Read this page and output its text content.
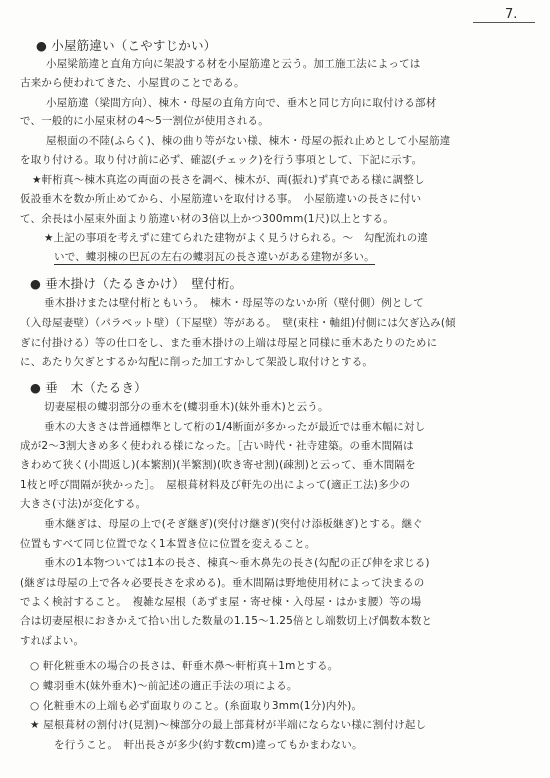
7.
● 小屋筋違い（こやすじかい）
小屋梁筋違と直角方向に架設する材を小屋筋違と云う。加工施工法によっては
古来から使われてきた、小屋貫のことである。
小屋筋違（梁間方向）、棟木・母屋の直角方向で、垂木と同じ方向に取付ける部材
で、一般的に小屋束材の4〜5一割位が使用される。
屋根面の不陸(ふらく)、棟の曲り等がない様、棟木・母屋の振れ止めとして小屋筋違
を取り付ける。取り付け前に必ず、確認(チェック)を行う事項として、下記に示す。
★軒桁真〜棟木真迄の両面の長さを調べ、棟木が、両(振れ)ず真である様に調整し
仮設垂木を数か所止めてから、小屋筋違いを取付ける事。　小屋筋違いの長さに付い
て、余長は小屋束外面より筋違い材の3倍以上かつ300mm(1尺)以上とする。
★上記の事項を考えずに建てられた建物がよく見うけられる。〜　勾配流れの違
いで、螻羽棟の巴瓦の左右の螻羽瓦の長さ違いがある建物が多い。
● 垂木掛け（たるきかけ）　壁付桁。
垂木掛けまたは壁付桁ともいう。　棟木・母屋等のないか所（壁付側）例として
（入母屋妻壁）（パラペット壁）（下屋壁）等がある。　壁(束柱・軸組)付側には欠ぎ込み(傾
ぎに付掛ける）等の仕口をし、また垂木掛けの上端は母屋と同様に垂木あたりのために
に、あたり欠ぎとするか勾配に削った加工すかして架設し取付けとする。
● 垂　木（たるき）
切妻屋根の螻羽部分の垂木を(螻羽垂木)(妹外垂木)と云う。
垂木の大きさは普通標準として桁の1/4断面が多かったが最近では垂木幅に対し
成が2〜3割大きめ多く使われる様になった。［古い時代・社寺建築。の垂木間隔は
きわめて狭く(小間返し)(本繁割)(半繁割)(吹き寄せ割)(疎割)と云って、垂木間隔を
1枝と呼び間隔が狭かった］。　屋根葺材料及び軒先の出によって(適正工法)多少の
大きさ(寸法)が変化する。
垂木継ぎは、母屋の上で(そぎ継ぎ)(突付け継ぎ)(突付け添板継ぎ)とする。継ぐ
位置もすべて同じ位置でなく1本置き位に位置を変えること。
垂木の1本物ついては1本の長さ、棟真〜垂木鼻先の長さ(勾配の正び伸を求じる)
(継ぎは母屋の上で各々必要長さを求める)。垂木間隔は野地使用材によって決まるの
でよく検討すること。　複雑な屋根（あずま屋・寄せ棟・入母屋・はかま腰）等の場
合は切妻屋根におきかえて拾い出した数量の1.15〜1.25倍とし端数切上げ偶数本数と
すればよい。
○ 軒化粧垂木の場合の長さは、軒垂木鼻〜軒桁真＋1mとする。
○ 螻羽垂木(妹外垂木)〜前記述の適正手法の項による。
○ 化粧垂木の上端も必ず面取りのこと。(糸面取り3mm(1分)内外)。
★ 屋根葺材の割付け(見割)〜棟部分の最上部葺材が半端にならない様に割付け起し
を行うこと。　軒出長さが多少(約す数cm)違ってもかまわない。
